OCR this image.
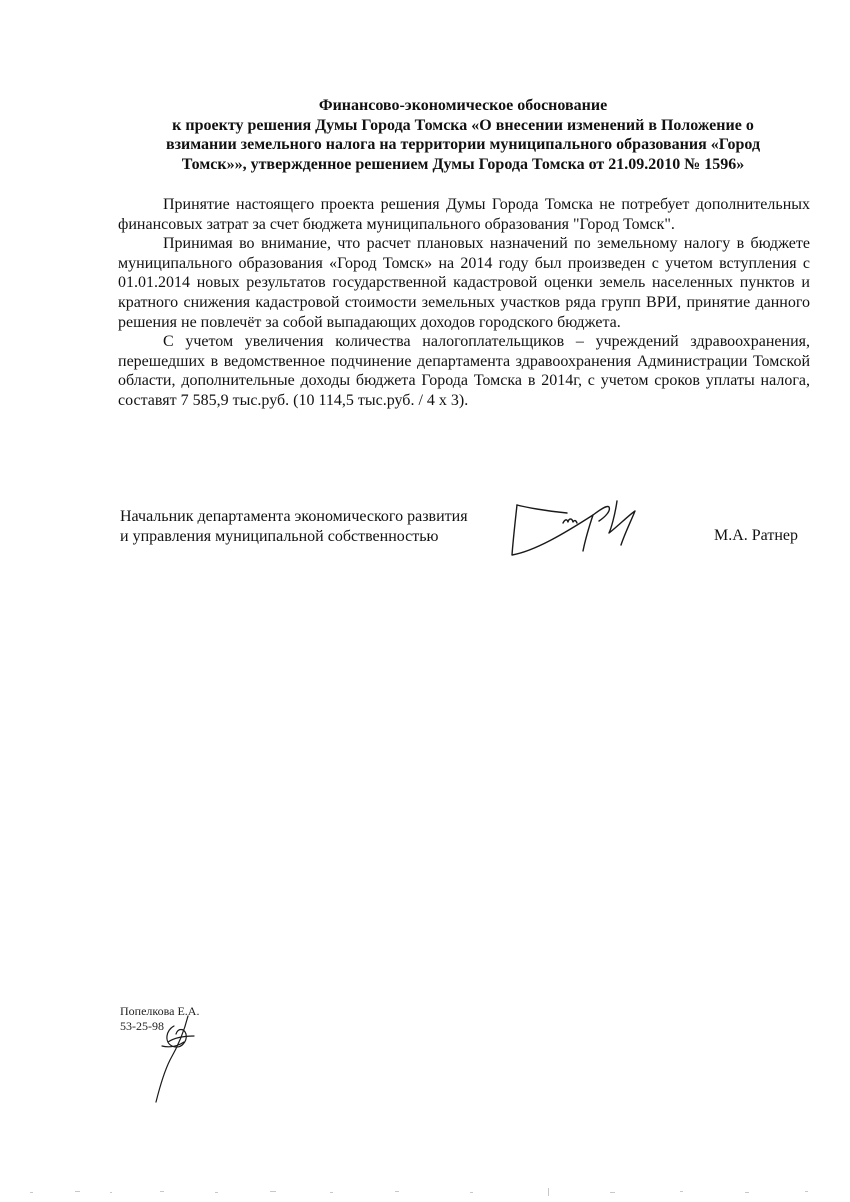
Финансово-экономическое обоснование
к проекту решения Думы Города Томска «О внесении изменений в Положение о
взимании земельного налога на территории муниципального образования «Город
Томск»», утвержденное решением Думы Города Томска от 21.09.2010 № 1596»

Принятие настоящего проекта решения Думы Города Томска не потребует дополнительных финансовых затрат за счет бюджета муниципального образования "Город Томск".

Принимая во внимание, что расчет плановых назначений по земельному налогу в бюджете муниципального образования «Город Томск» на 2014 году был произведен с учетом вступления с 01.01.2014 новых результатов государственной кадастровой оценки земель населенных пунктов и кратного снижения кадастровой стоимости земельных участков ряда групп ВРИ, принятие данного решения не повлечёт за собой выпадающих доходов городского бюджета.

С учетом увеличения количества налогоплательщиков – учреждений здравоохранения, перешедших в ведомственное подчинение департамента здравоохранения Администрации Томской области, дополнительные доходы бюджета Города Томска в 2014г, с учетом сроков уплаты налога, составят 7 585,9 тыс.руб. (10 114,5 тыс.руб. / 4 х 3).

Начальник департамента экономического развития
и управления муниципальной собственностью	М.А. Ратнер
Попелкова Е.А.
53-25-98
